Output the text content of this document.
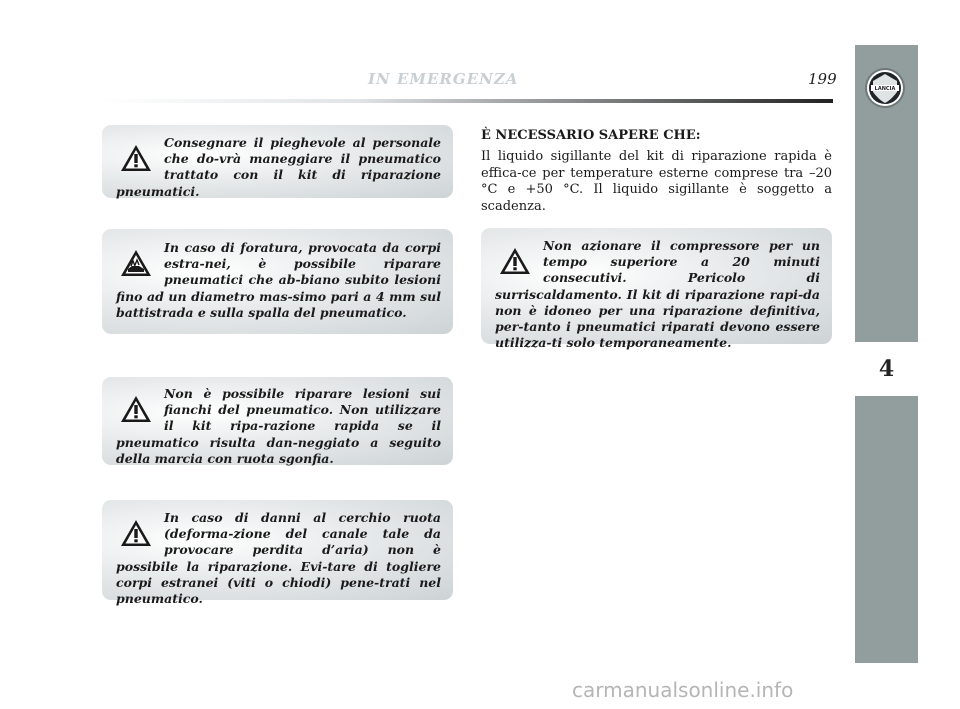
IN EMERGENZA	199
4
LANCIA

Consegnare il pieghevole al personale che do-vrà maneggiare il pneumatico trattato con il kit di riparazione pneumatici.

In caso di foratura, provocata da corpi estra-nei, è possibile riparare pneumatici che ab-biano subito lesioni fino ad un diametro mas-simo pari a 4 mm sul battistrada e sulla spalla del pneumatico.

Non è possibile riparare lesioni sui fianchi del pneumatico. Non utilizzare il kit ripa-razione rapida se il pneumatico risulta dan-neggiato a seguito della marcia con ruota sgonfia.

In caso di danni al cerchio ruota (deforma-zione del canale tale da provocare perdita d’aria) non è possibile la riparazione. Evi-tare di togliere corpi estranei (viti o chiodi) pene-trati nel pneumatico.

È NECESSARIO SAPERE CHE:

Il liquido sigillante del kit di riparazione rapida è effica-ce per temperature esterne comprese tra –20 °C e +50 °C. Il liquido sigillante è soggetto a scadenza.

Non azionare il compressore per un tempo superiore a 20 minuti consecutivi. Pericolo di surriscaldamento. Il kit di riparazione rapi-da non è idoneo per una riparazione definitiva, per-tanto i pneumatici riparati devono essere utilizza-ti solo temporaneamente.

carmanualsonline.info
